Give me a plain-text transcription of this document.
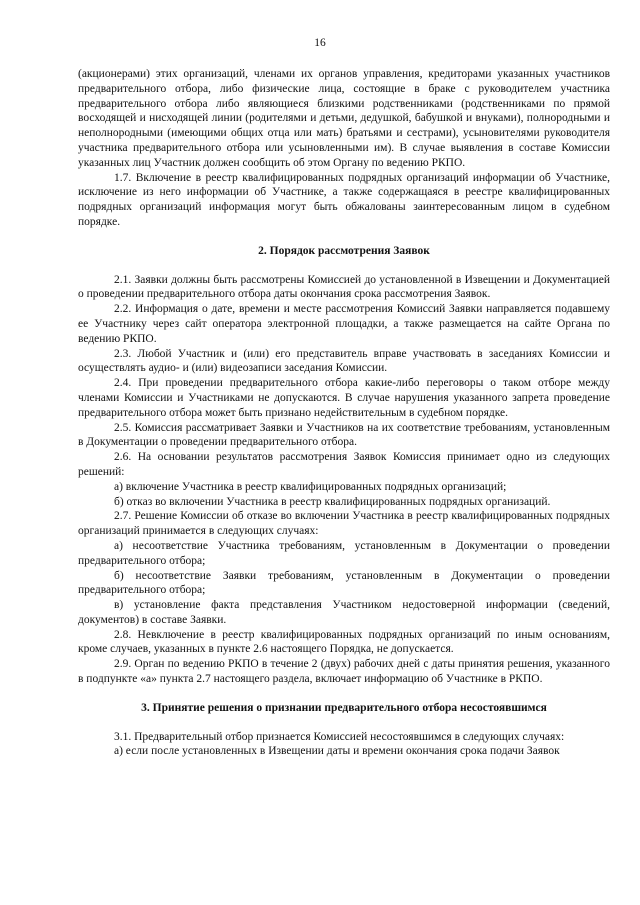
16

(акционерами) этих организаций, членами их органов управления, кредиторами указанных участников предварительного отбора, либо физические лица, состоящие в браке с руководителем участника предварительного отбора либо являющиеся близкими родственниками (родственниками по прямой восходящей и нисходящей линии (родителями и детьми, дедушкой, бабушкой и внуками), полнородными и неполнородными (имеющими общих отца или мать) братьями и сестрами), усыновителями руководителя участника предварительного отбора или усыновленными им). В случае выявления в составе Комиссии указанных лиц Участник должен сообщить об этом Органу по ведению РКПО.

1.7. Включение в реестр квалифицированных подрядных организаций информации об Участнике, исключение из него информации об Участнике, а также содержащаяся в реестре квалифицированных подрядных организаций информация могут быть обжалованы заинтересованным лицом в судебном порядке.

2. Порядок рассмотрения Заявок

2.1. Заявки должны быть рассмотрены Комиссией до установленной в Извещении и Документацией о проведении предварительного отбора даты окончания срока рассмотрения Заявок.

2.2. Информация о дате, времени и месте рассмотрения Комиссий Заявки направляется подавшему ее Участнику через сайт оператора электронной площадки, а также размещается на сайте Органа по ведению РКПО.

2.3. Любой Участник и (или) его представитель вправе участвовать в заседаниях Комиссии и осуществлять аудио- и (или) видеозаписи заседания Комиссии.

2.4. При проведении предварительного отбора какие-либо переговоры о таком отборе между членами Комиссии и Участниками не допускаются. В случае нарушения указанного запрета проведение предварительного отбора может быть признано недействительным в судебном порядке.

2.5. Комиссия рассматривает Заявки и Участников на их соответствие требованиям, установленным в Документации о проведении предварительного отбора.

2.6. На основании результатов рассмотрения Заявок Комиссия принимает одно из следующих решений:

а) включение Участника в реестр квалифицированных подрядных организаций;

б) отказ во включении Участника в реестр квалифицированных подрядных организаций.

2.7. Решение Комиссии об отказе во включении Участника в реестр квалифицированных подрядных организаций принимается в следующих случаях:

а) несоответствие Участника требованиям, установленным в Документации о проведении предварительного отбора;

б) несоответствие Заявки требованиям, установленным в Документации о проведении предварительного отбора;

в) установление факта представления Участником недостоверной информации (сведений, документов) в составе Заявки.

2.8. Невключение в реестр квалифицированных подрядных организаций по иным основаниям, кроме случаев, указанных в пункте 2.6 настоящего Порядка, не допускается.

2.9. Орган по ведению РКПО в течение 2 (двух) рабочих дней с даты принятия решения, указанного в подпункте «а» пункта 2.7 настоящего раздела, включает информацию об Участнике в РКПО.

3. Принятие решения о признании предварительного отбора несостоявшимся

3.1. Предварительный отбор признается Комиссией несостоявшимся в следующих случаях:

а) если после установленных в Извещении даты и времени окончания срока подачи Заявок
